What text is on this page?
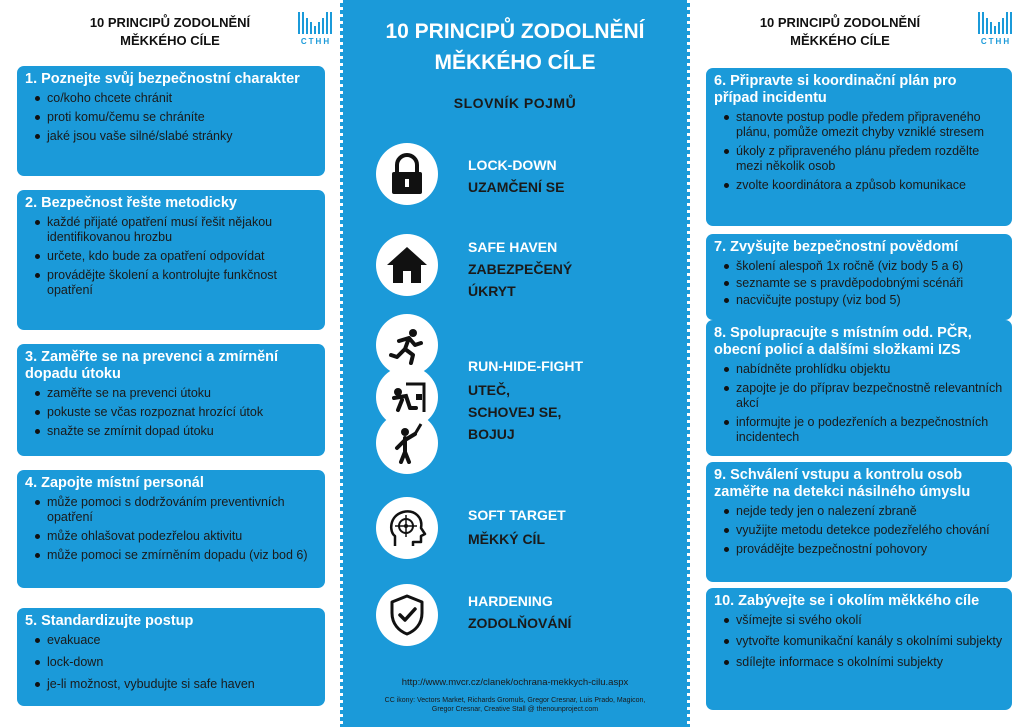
10 PRINCIPŮ ZODOLNĚNÍ
MĚKKÉHO CÍLE	CTHH
1. Poznejte svůj bezpečnostní charakter
co/koho chcete chránit
proti komu/čemu se chráníte
jaké jsou vaše silné/slabé stránky
2. Bezpečnost řešte metodicky
každé přijaté opatření musí řešit nějakou identifikovanou hrozbu
určete, kdo bude za opatření odpovídat
provádějte školení a kontrolujte funkčnost opatření
3. Zaměřte se na prevenci a zmírnění dopadu útoku
zaměřte se na prevenci útoku
pokuste se včas rozpoznat hrozící útok
snažte se zmírnit dopad útoku
4. Zapojte místní personál
může pomoci s dodržováním preventivních opatření
může ohlašovat podezřelou aktivitu
může pomoci se zmírněním dopadu (viz bod 6)
5. Standardizujte postup
evakuace
lock-down
je-li možnost, vybudujte si safe haven
10 PRINCIPŮ ZODOLNĚNÍ
MĚKKÉHO CÍLE
SLOVNÍK POJMŮ
LOCK-DOWN
UZAMČENÍ SE
SAFE HAVEN
ZABEZPEČENÝ
ÚKRYT
RUN-HIDE-FIGHT
UTEČ,
SCHOVEJ SE,
BOJUJ
SOFT TARGET
MĚKKÝ CÍL
HARDENING
ZODOLŇOVÁNÍ
http://www.mvcr.cz/clanek/ochrana-mekkych-cilu.aspx
CC ikony: Vectors Market, Richards Gromuls, Gregor Cresnar, Luis Prado, Magicon,
Gregor Cresnar, Creative Stall @ thenounproject.com
10 PRINCIPŮ ZODOLNĚNÍ
MĚKKÉHO CÍLE	CTHH
6. Připravte si koordinační plán pro případ incidentu
stanovte postup podle předem připraveného plánu, pomůže omezit chyby vzniklé stresem
úkoly z připraveného plánu předem rozdělte mezi několik osob
zvolte koordinátora a způsob komunikace
7. Zvyšujte bezpečnostní povědomí
školení alespoň 1x ročně (viz body 5 a 6)
seznamte se s pravděpodobnými scénáři
nacvičujte postupy (viz bod 5)
8. Spolupracujte s místním odd. PČR, obecní policí a dalšími složkami IZS
nabídněte prohlídku objektu
zapojte je do příprav bezpečnostně relevantních akcí
informujte je o podezřeních a bezpečnostních incidentech
9. Schválení vstupu a kontrolu osob zaměřte na detekci násilného úmyslu
nejde tedy jen o nalezení zbraně
využijte metodu detekce podezřelého chování
provádějte bezpečnostní pohovory
10. Zabývejte se i okolím měkkého cíle
všímejte si svého okolí
vytvořte komunikační kanály s okolními subjekty
sdílejte informace s okolními subjekty
